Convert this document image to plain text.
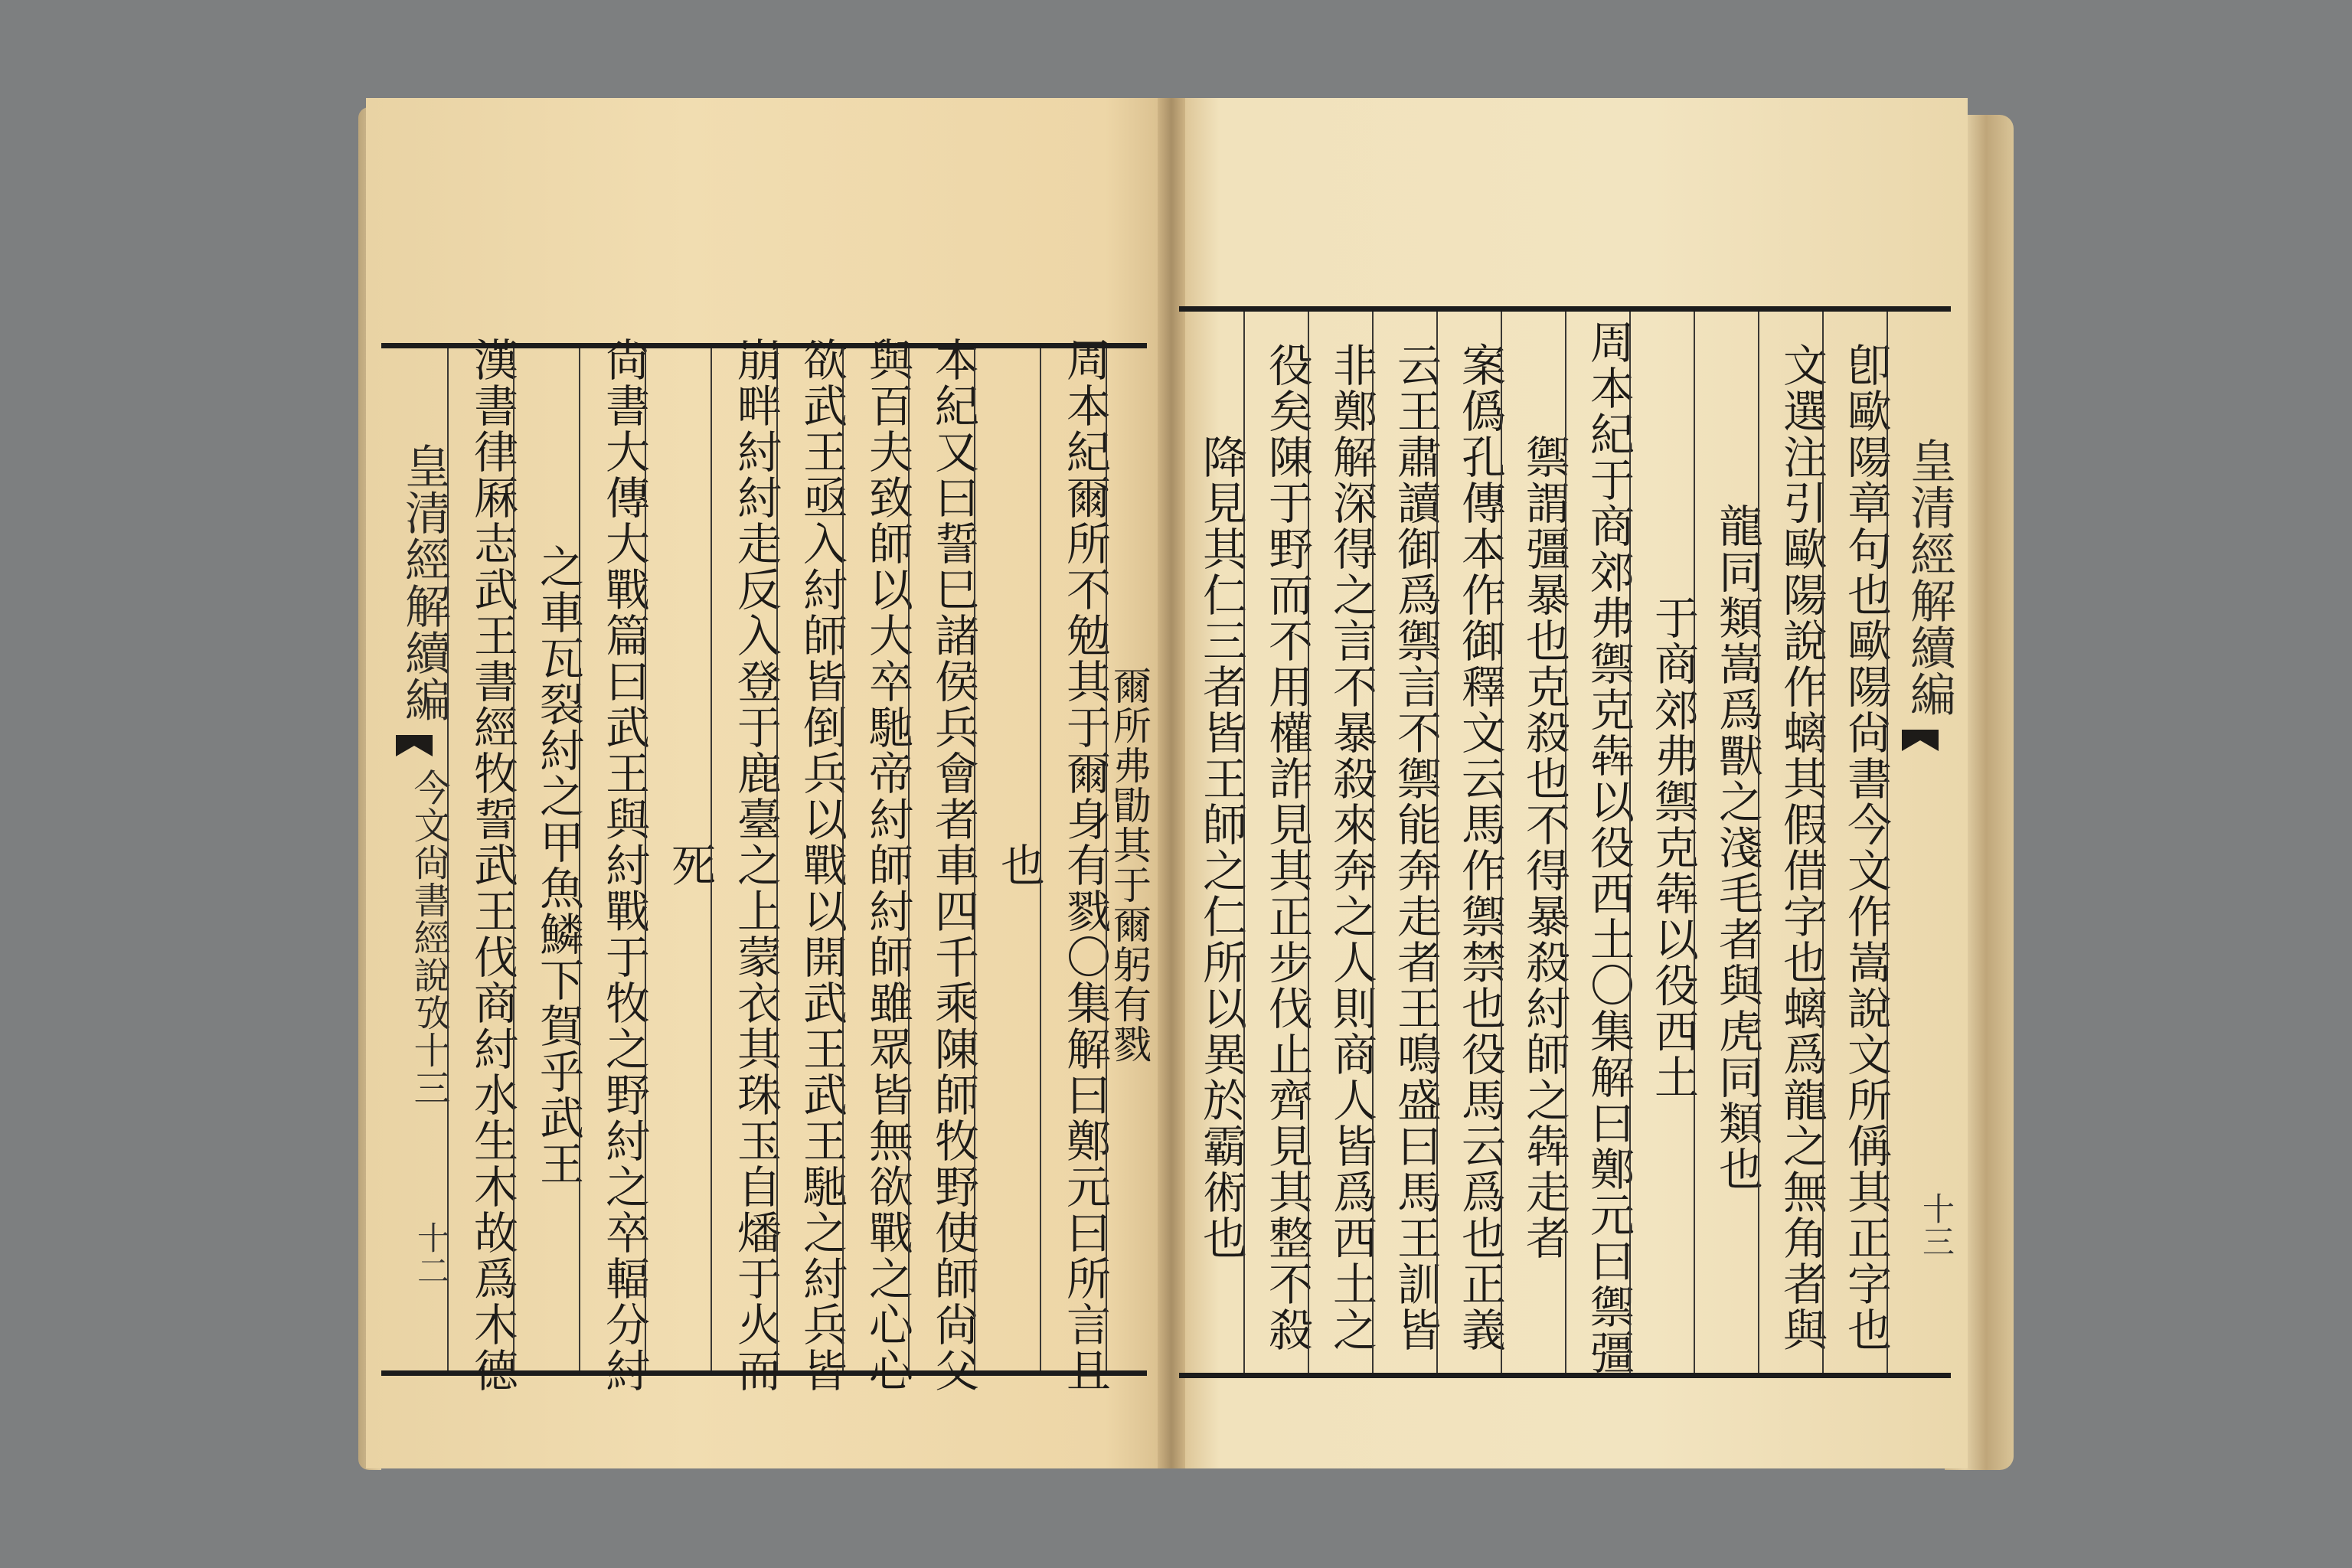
皇清經解續編
今文尙書經說攷十三
十二 漢書律厤志武王書經牧誓武王伐商紂水生木故爲木德 之車瓦裂紂之甲魚鱗下賀乎武王 尙書大傳大戰篇曰武王與紂戰于牧之野紂之卒輻分紂 死 崩畔紂紂走反入登于鹿臺之上蒙衣其珠玉自燔于火而 欲武王亟入紂師皆倒兵以戰以開武王武王馳之紂兵皆 與百夫致師以大卒馳帝紂師紂師雖眾皆無欲戰之心心 本紀又曰誓巳諸侯兵會者車四千乘陳師牧野使師尙父 也 周本紀爾所不勉其于爾身有戮〇集解曰鄭元曰所言且
爾所弗勖其于爾躬有戮 降見其仁三者皆王師之仁所以異於霸術也 役矣陳于野而不用權詐見其正步伐止齊見其整不殺 非鄭解深得之言不暴殺來奔之人則商人皆爲西土之 云王肅讀御爲禦言不禦能奔走者王鳴盛曰馬王訓皆 案僞孔傳本作御釋文云馬作禦禁也役馬云爲也正義 禦謂彊暴也克殺也不得暴殺紂師之犇走者 周本紀于商郊弗禦克犇以役西土〇集解曰鄭元曰禦彊 于商郊弗禦克犇以役西土 龍同類嵩爲獸之淺毛者與虎同類也 文選注引歐陽說作螭其假借字也螭爲龍之無角者與 卽歐陽章句也歐陽尙書今文作嵩說文所偁其正字也 皇清經解續編
十三
